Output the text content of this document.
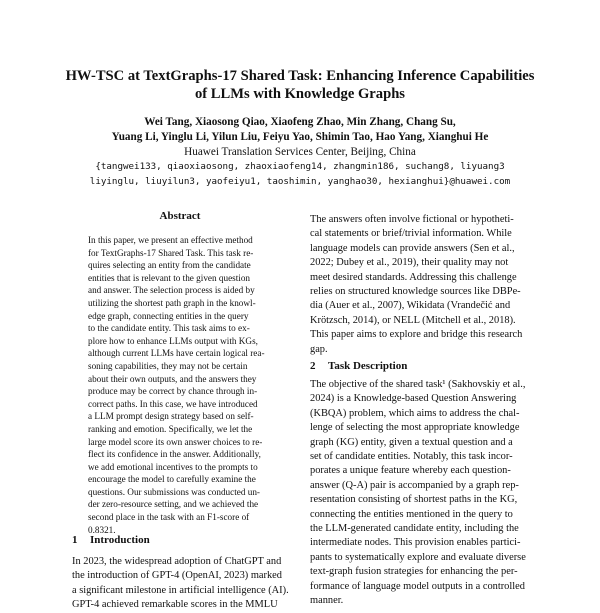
HW-TSC at TextGraphs-17 Shared Task: Enhancing Inference Capabilities
of LLMs with Knowledge Graphs
Wei Tang, Xiaosong Qiao, Xiaofeng Zhao, Min Zhang, Chang Su,
Yuang Li, Yinglu Li, Yilun Liu, Feiyu Yao, Shimin Tao, Hao Yang, Xianghui He
Huawei Translation Services Center, Beijing, China
{tangwei133, qiaoxiaosong, zhaoxiaofeng14, zhangmin186, suchang8, liyuang3
liyinglu, liuyilun3, yaofeiyu1, taoshimin, yanghao30, hexianghui}@huawei.com
Abstract

In this paper, we present an effective method
for TextGraphs-17 Shared Task. This task re-
quires selecting an entity from the candidate
entities that is relevant to the given question
and answer. The selection process is aided by
utilizing the shortest path graph in the knowl-
edge graph, connecting entities in the query
to the candidate entity. This task aims to ex-
plore how to enhance LLMs output with KGs,
although current LLMs have certain logical rea-
soning capabilities, they may not be certain
about their own outputs, and the answers they
produce may be correct by chance through in-
correct paths. In this case, we have introduced
a LLM prompt design strategy based on self-
ranking and emotion. Specifically, we let the
large model score its own answer choices to re-
flect its confidence in the answer. Additionally,
we add emotional incentives to the prompts to
encourage the model to carefully examine the
questions. Our submissions was conducted un-
der zero-resource setting, and we achieved the
second place in the task with an F1-score of
0.8321.

1 Introduction

In 2023, the widespread adoption of ChatGPT and
the introduction of GPT-4 (OpenAI, 2023) marked
a significant milestone in artificial intelligence (AI).
GPT-4 achieved remarkable scores in the MMLU

The answers often involve fictional or hypotheti-
cal statements or brief/trivial information. While
language models can provide answers (Sen et al.,
2022; Dubey et al., 2019), their quality may not
meet desired standards. Addressing this challenge
relies on structured knowledge sources like DBPe-
dia (Auer et al., 2007), Wikidata (Vrandečić and
Krötzsch, 2014), or NELL (Mitchell et al., 2018).
This paper aims to explore and bridge this research
gap.

2 Task Description

The objective of the shared task¹ (Sakhovskiy et al.,
2024) is a Knowledge-based Question Answering
(KBQA) problem, which aims to address the chal-
lenge of selecting the most appropriate knowledge
graph (KG) entity, given a textual question and a
set of candidate entities. Notably, this task incor-
porates a unique feature whereby each question-
answer (Q-A) pair is accompanied by a graph rep-
resentation consisting of shortest paths in the KG,
connecting the entities mentioned in the query to
the LLM-generated candidate entity, including the
intermediate nodes. This provision enables partici-
pants to systematically explore and evaluate diverse
text-graph fusion strategies for enhancing the per-
formance of language model outputs in a controlled
manner.
